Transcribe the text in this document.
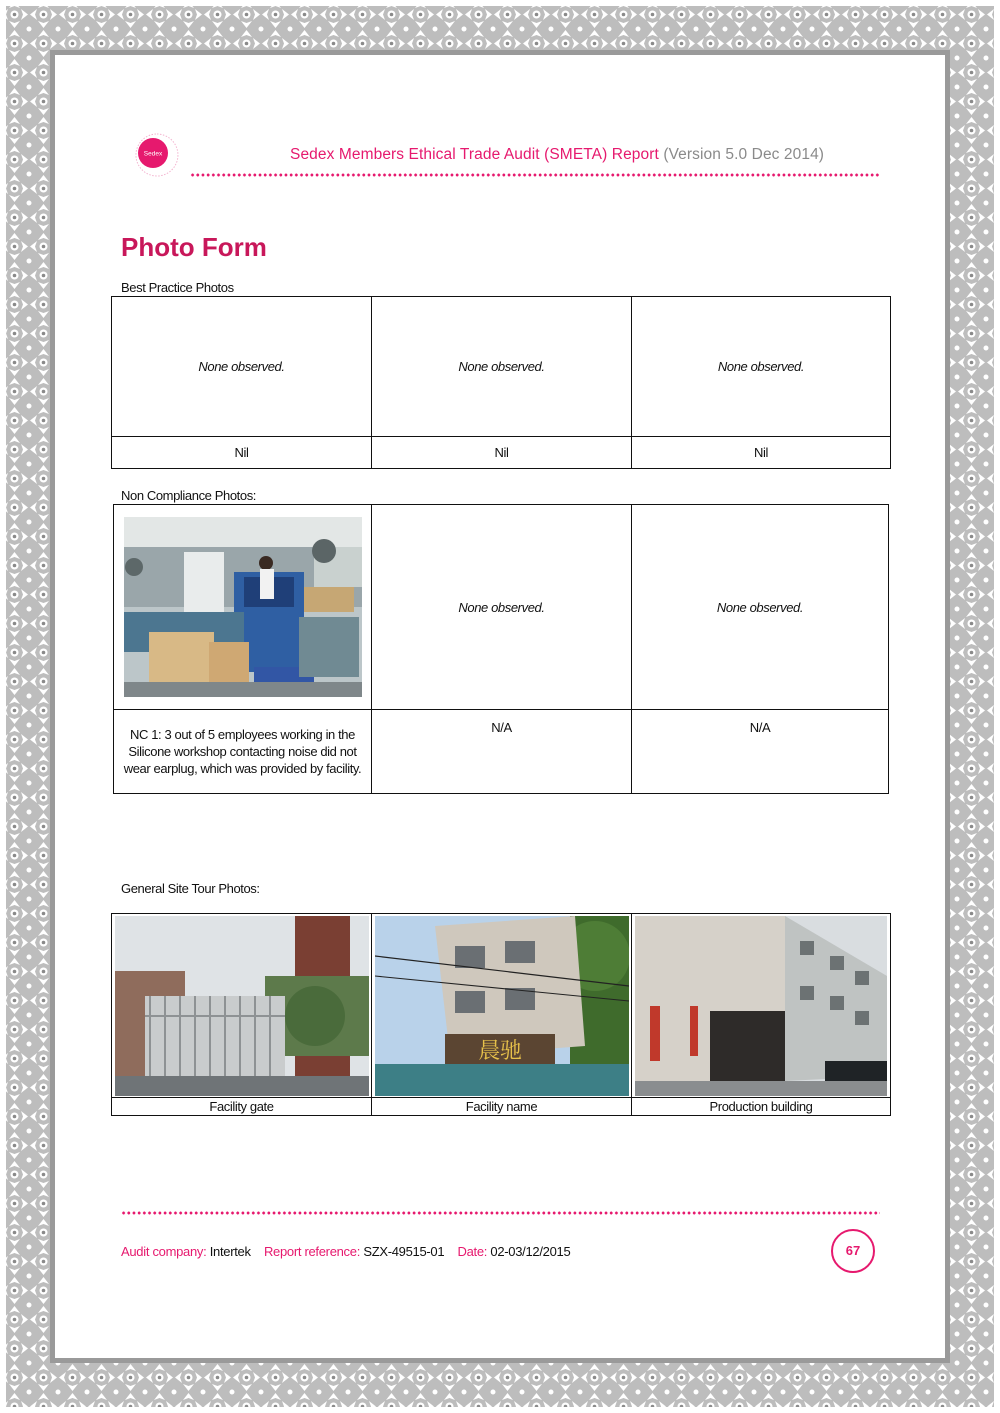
Sedex	Sedex Members Ethical Trade Audit (SMETA) Report (Version 5.0 Dec 2014)
Photo Form
Best Practice Photos
None observed.	None observed.	None observed.
Nil	Nil	Nil
Non Compliance Photos:
	None observed.	None observed.
NC 1: 3 out of 5 employees working in the Silicone workshop contacting noise did not wear earplug, which was provided by facility.	N/A	N/A
General Site Tour Photos:

晨驰

Facility gate	Facility name	Production building
Audit company: Intertek Report reference: SZX-49515-01 Date: 02-03/12/2015	67
